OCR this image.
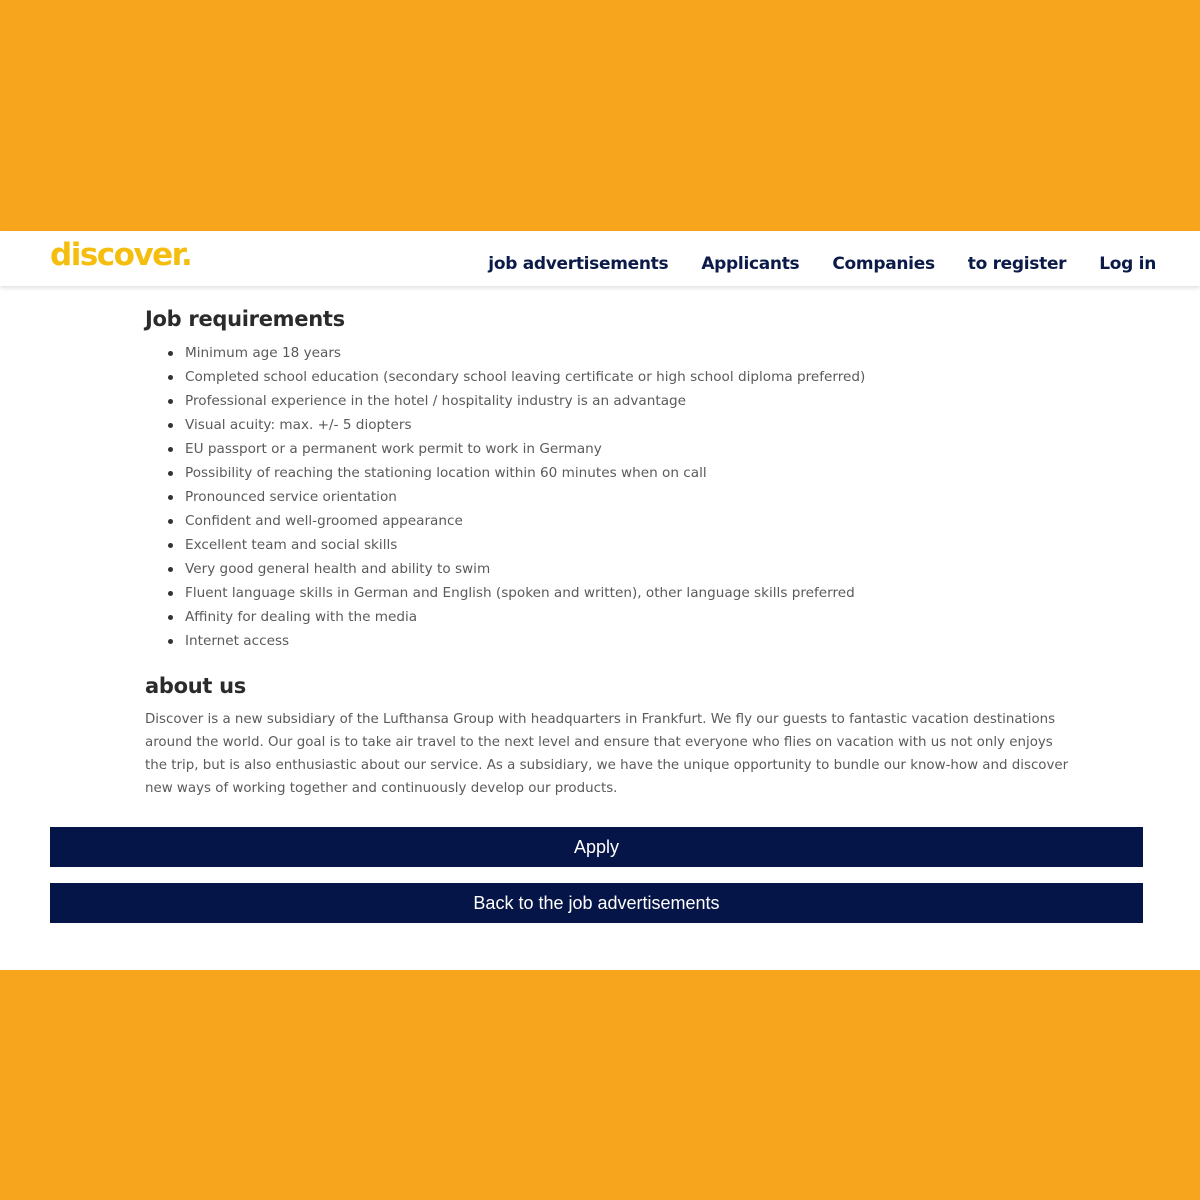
discover.	job advertisements Applicants Companies to register Log in
Job requirements
Minimum age 18 years
Completed school education (secondary school leaving certificate or high school diploma preferred)
Professional experience in the hotel / hospitality industry is an advantage
Visual acuity: max. +/- 5 diopters
EU passport or a permanent work permit to work in Germany
Possibility of reaching the stationing location within 60 minutes when on call
Pronounced service orientation
Confident and well-groomed appearance
Excellent team and social skills
Very good general health and ability to swim
Fluent language skills in German and English (spoken and written), other language skills preferred
Affinity for dealing with the media
Internet access
about us

Discover is a new subsidiary of the Lufthansa Group with headquarters in Frankfurt. We fly our guests to fantastic vacation destinations around the world. Our goal is to take air travel to the next level and ensure that everyone who flies on vacation with us not only enjoys the trip, but is also enthusiastic about our service. As a subsidiary, we have the unique opportunity to bundle our know-how and discover new ways of working together and continuously develop our products.

Apply
Back to the job advertisements
